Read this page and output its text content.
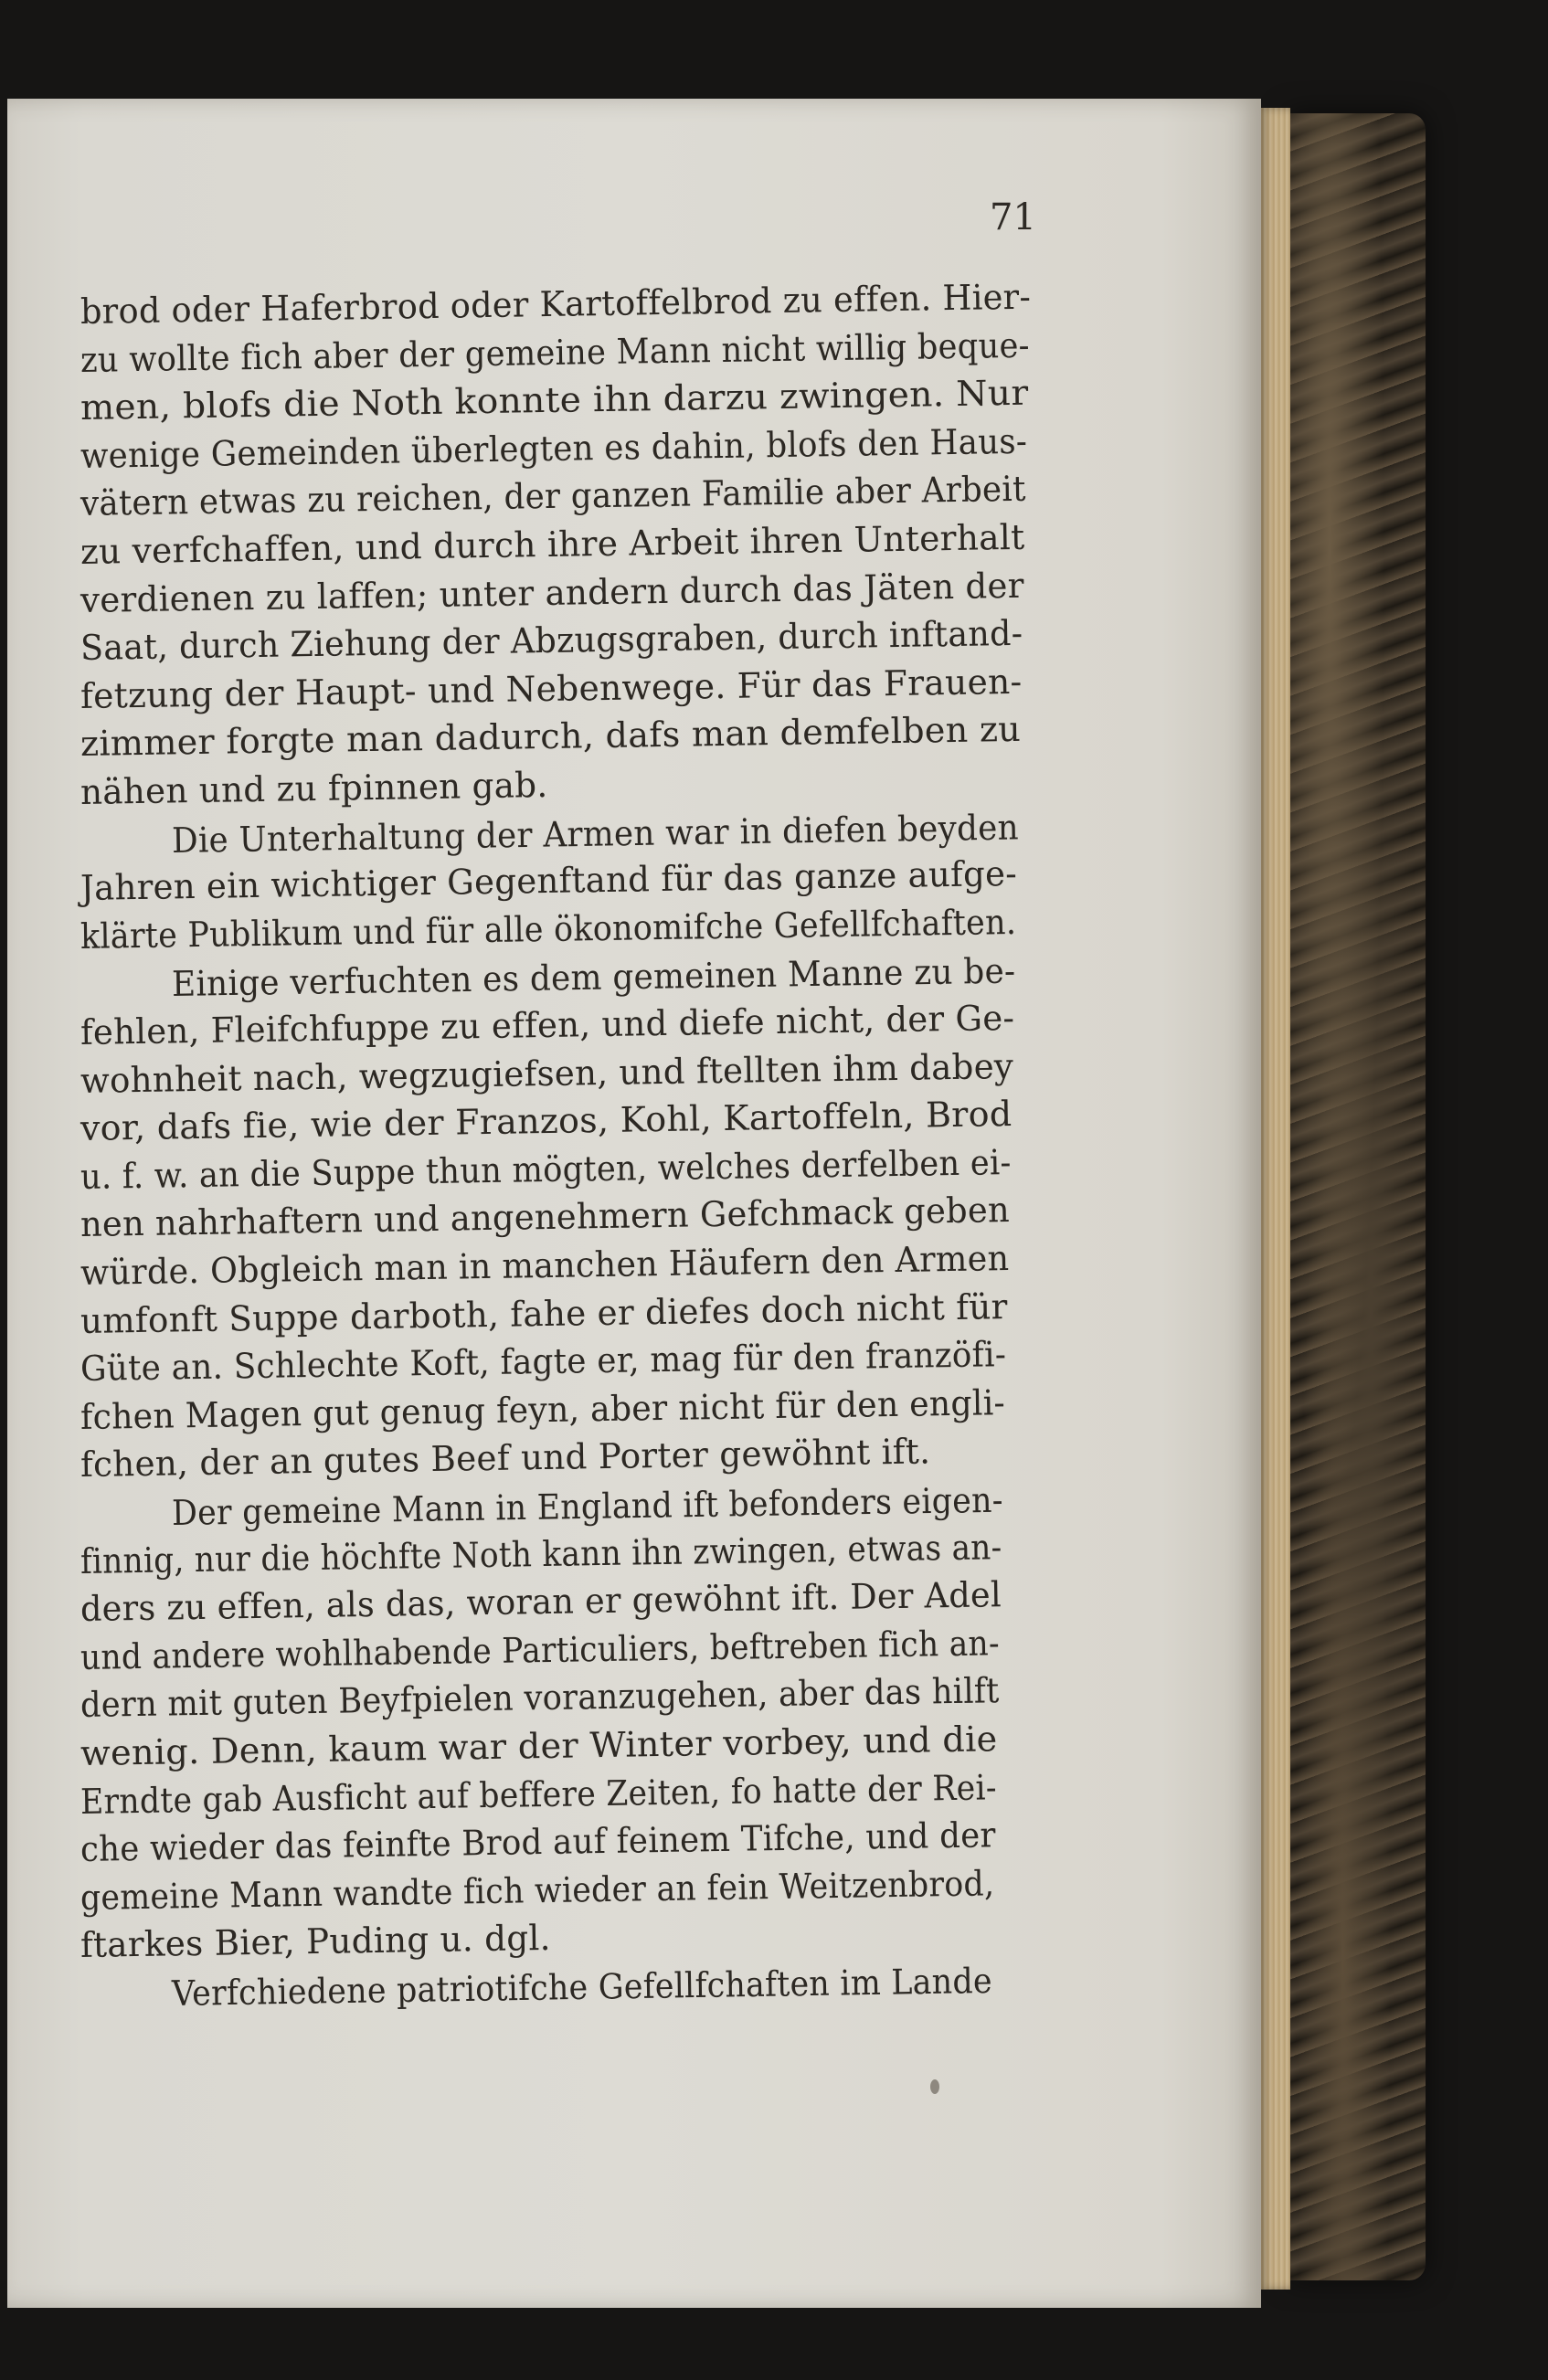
71
brod oder Haferbrod oder Kartoffelbrod zu effen. Hier-
zu wollte fich aber der gemeine Mann nicht willig beque-
men, blofs die Noth konnte ihn darzu zwingen. Nur
wenige Gemeinden überlegten es dahin, blofs den Haus-
vätern etwas zu reichen, der ganzen Familie aber Arbeit
zu verfchaffen, und durch ihre Arbeit ihren Unterhalt
verdienen zu laffen; unter andern durch das Jäten der
Saat, durch Ziehung der Abzugsgraben, durch inftand-
fetzung der Haupt- und Nebenwege. Für das Frauen-
zimmer forgte man dadurch, dafs man demfelben zu
nähen und zu fpinnen gab.
Die Unterhaltung der Armen war in diefen beyden
Jahren ein wichtiger Gegenftand für das ganze aufge-
klärte Publikum und für alle ökonomifche Gefellfchaften.
Einige verfuchten es dem gemeinen Manne zu be-
fehlen, Fleifchfuppe zu effen, und diefe nicht, der Ge-
wohnheit nach, wegzugiefsen, und ftellten ihm dabey
vor, dafs fie, wie der Franzos, Kohl, Kartoffeln, Brod
u. f. w. an die Suppe thun mögten, welches derfelben ei-
nen nahrhaftern und angenehmern Gefchmack geben
würde. Obgleich man in manchen Häufern den Armen
umfonft Suppe darboth, fahe er diefes doch nicht für
Güte an. Schlechte Koft, fagte er, mag für den franzöfi-
fchen Magen gut genug feyn, aber nicht für den engli-
fchen, der an gutes Beef und Porter gewöhnt ift.
Der gemeine Mann in England ift befonders eigen-
finnig, nur die höchfte Noth kann ihn zwingen, etwas an-
ders zu effen, als das, woran er gewöhnt ift. Der Adel
und andere wohlhabende Particuliers, beftreben fich an-
dern mit guten Beyfpielen voranzugehen, aber das hilft
wenig. Denn, kaum war der Winter vorbey, und die
Erndte gab Ausficht auf beffere Zeiten, fo hatte der Rei-
che wieder das feinfte Brod auf feinem Tifche, und der
gemeine Mann wandte fich wieder an fein Weitzenbrod,
ftarkes Bier, Puding u. dgl.
Verfchiedene patriotifche Gefellfchaften im Lande
